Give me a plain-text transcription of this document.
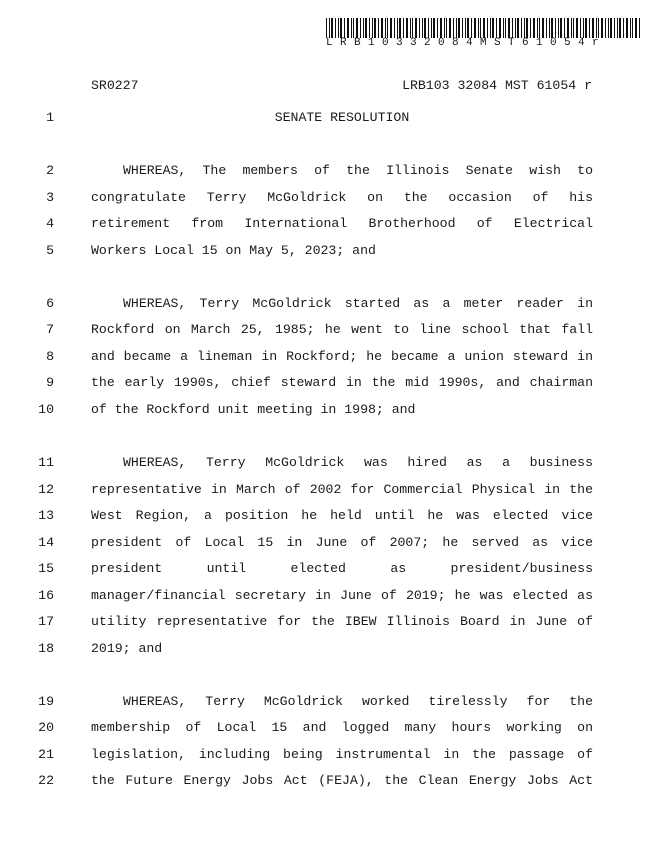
LRB10332084MST61054r
SR0227	LRB103 32084 MST 61054 r
1	SENATE RESOLUTION
2	WHEREAS, The members of the Illinois Senate wish to
3	congratulate Terry McGoldrick on the occasion of his
4	retirement from International Brotherhood of Electrical
5	Workers Local 15 on May 5, 2023; and
6	WHEREAS, Terry McGoldrick started as a meter reader in
7	Rockford on March 25, 1985; he went to line school that fall
8	and became a lineman in Rockford; he became a union steward in
9	the early 1990s, chief steward in the mid 1990s, and chairman
10	of the Rockford unit meeting in 1998; and
11	WHEREAS, Terry McGoldrick was hired as a business
12	representative in March of 2002 for Commercial Physical in the
13	West Region, a position he held until he was elected vice
14	president of Local 15 in June of 2007; he served as vice
15	president until elected as president/business
16	manager/financial secretary in June of 2019; he was elected as
17	utility representative for the IBEW Illinois Board in June of
18	2019; and
19	WHEREAS, Terry McGoldrick worked tirelessly for the
20	membership of Local 15 and logged many hours working on
21	legislation, including being instrumental in the passage of
22	the Future Energy Jobs Act (FEJA), the Clean Energy Jobs Act
